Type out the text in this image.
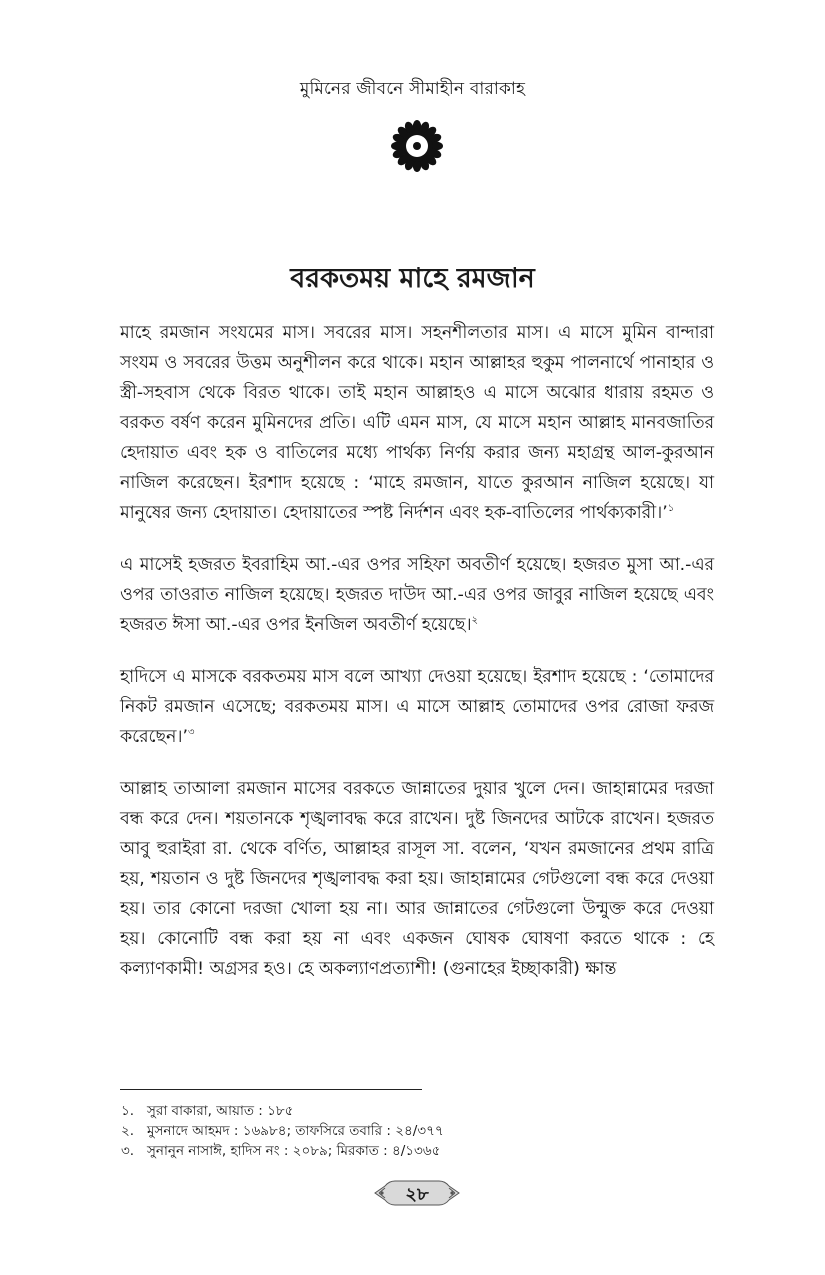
মুমিনের জীবনে সীমাহীন বারাকাহ
বরকতময় মাহে রমজান

মাহে রমজান সংযমের মাস। সবরের মাস। সহনশীলতার মাস। এ মাসে মুমিন বান্দারা সংযম ও সবরের উত্তম অনুশীলন করে থাকে। মহান আল্লাহর হুকুম পালনার্থে পানাহার ও স্ত্রী-সহবাস থেকে বিরত থাকে। তাই মহান আল্লাহও এ মাসে অঝোর ধারায় রহমত ও বরকত বর্ষণ করেন মুমিনদের প্রতি। এটি এমন মাস, যে মাসে মহান আল্লাহ মানবজাতির হেদায়াত এবং হক ও বাতিলের মধ্যে পার্থক্য নির্ণয় করার জন্য মহাগ্রন্থ আল-কুরআন নাজিল করেছেন। ইরশাদ হয়েছে : ‘মাহে রমজান, যাতে কুরআন নাজিল হয়েছে। যা মানুষের জন্য হেদায়াত। হেদায়াতের স্পষ্ট নির্দশন এবং হক-বাতিলের পার্থক্যকারী।’$^১$

এ মাসেই হজরত ইবরাহিম আ.-এর ওপর সহিফা অবতীর্ণ হয়েছে। হজরত মুসা আ.-এর ওপর তাওরাত নাজিল হয়েছে। হজরত দাউদ আ.-এর ওপর জাবুর নাজিল হয়েছে এবং হজরত ঈসা আ.-এর ওপর ইনজিল অবতীর্ণ হয়েছে।$^২$

হাদিসে এ মাসকে বরকতময় মাস বলে আখ্যা দেওয়া হয়েছে। ইরশাদ হয়েছে : ‘তোমাদের নিকট রমজান এসেছে; বরকতময় মাস। এ মাসে আল্লাহ তোমাদের ওপর রোজা ফরজ করেছেন।’$^৩$

আল্লাহ তাআলা রমজান মাসের বরকতে জান্নাতের দুয়ার খুলে দেন। জাহান্নামের দরজা বন্ধ করে দেন। শয়তানকে শৃঙ্খলাবদ্ধ করে রাখেন। দুষ্ট জিনদের আটকে রাখেন। হজরত আবু হুরাইরা রা. থেকে বর্ণিত, আল্লাহর রাসূল সা. বলেন, ‘যখন রমজানের প্রথম রাত্রি হয়, শয়তান ও দুষ্ট জিনদের শৃঙ্খলাবদ্ধ করা হয়। জাহান্নামের গেটগুলো বন্ধ করে দেওয়া হয়। তার কোনো দরজা খোলা হয় না। আর জান্নাতের গেটগুলো উন্মুক্ত করে দেওয়া হয়। কোনোটি বন্ধ করা হয় না এবং একজন ঘোষক ঘোষণা করতে থাকে : হে কল্যাণকামী! অগ্রসর হও। হে অকল্যাণপ্রত্যাশী! (গুনাহের ইচ্ছাকারী) ক্ষান্ত

১. সুরা বাকারা, আয়াত : ১৮৫
২. মুসনাদে আহমদ : ১৬৯৮৪; তাফসিরে তবারি : ২৪/৩৭৭
৩. সুনানুন নাসাঈ, হাদিস নং : ২০৮৯; মিরকাত : ৪/১৩৬৫
২৮
